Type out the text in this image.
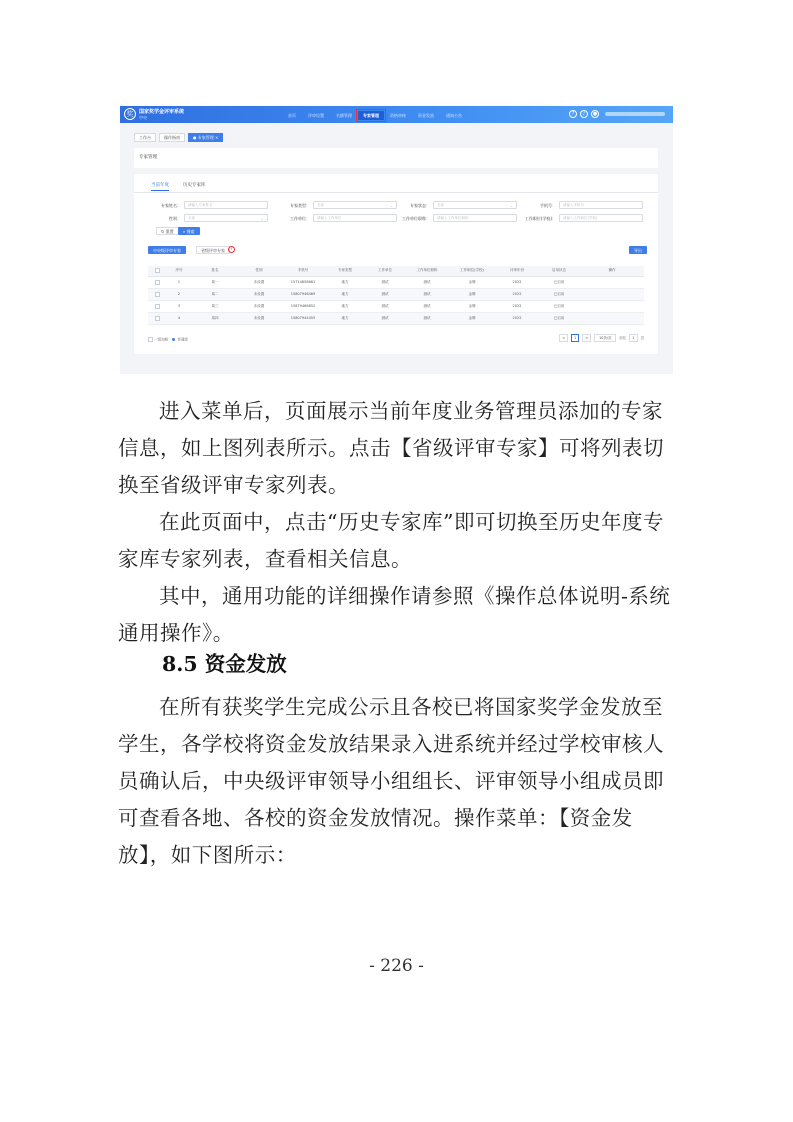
奖	国家奖学金评审系统
中央	首页	评审设置	名额管理	专家管理	资格审核	资金发放	通知公告	?	♪	●
工作台	操作指南	● 专家管理 ×
专家管理
当前年度	历史专家库
专家姓名：	请输入专家姓名	专家类型：	全部	⌄	专家状态：	全部	⌄	手机号：	请输入手机号
性别：	全部	⌄	工作单位：	请输入工作单位	工作单位职称：	请输入工作单位职称	工作职位(学校)：	请输入工作职位(学校)
↻ 重置	⌕ 搜索
中央级评审专家	省级评审专家	?	导出
	序号	姓名	性别	手机号	专家类型	工作单位	工作单位职称	工作职位(学校)	评审年份	启用状态	操作
	1	周一	未设置	15714658661	地方	测试	测试	金牌	2022	已启用	
	2	周二	未设置	15807946469	地方	测试	测试	金牌	2022	已启用	
	3	周三	未设置	15879466852	地方	测试	测试	金牌	2022	已启用	
	4	周四	未设置	15807944455	地方	测试	测试	金牌	2022	已启用	
一级加粗	普通级	<	1	>	10条/页	前往	1	页

进入菜单后，页面展示当前年度业务管理员添加的专家信息，如上图列表所示。点击【省级评审专家】可将列表切换至省级评审专家列表。

在此页面中，点击“历史专家库”即可切换至历史年度专家库专家列表，查看相关信息。

其中，通用功能的详细操作请参照《操作总体说明-系统通用操作》。

8.5 资金发放

在所有获奖学生完成公示且各校已将国家奖学金发放至学生，各学校将资金发放结果录入进系统并经过学校审核人员确认后，中央级评审领导小组组长、评审领导小组成员即可查看各地、各校的资金发放情况。操作菜单：【资金发放】，如下图所示：

- 226 -
